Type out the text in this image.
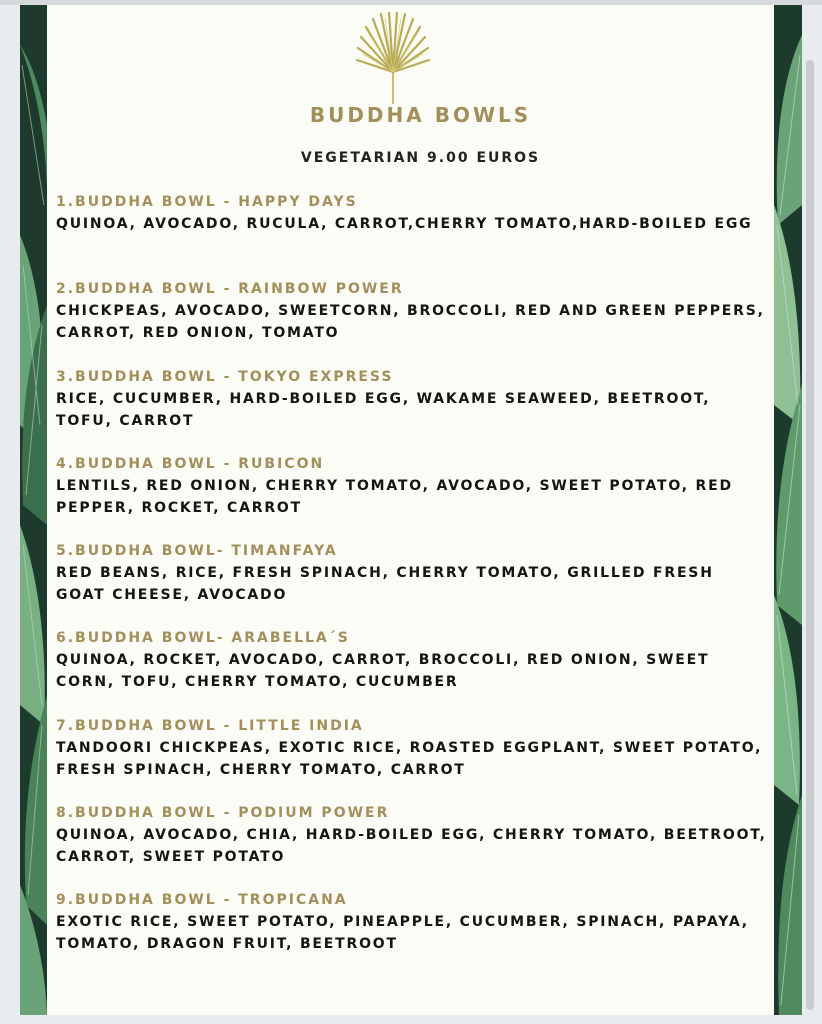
BUDDHA BOWLS
VEGETARIAN 9.00 EUROS
1.BUDDHA BOWL - HAPPY DAYS
QUINOA, AVOCADO, RUCULA, CARROT,CHERRY TOMATO,HARD-BOILED EGG
2.BUDDHA BOWL - RAINBOW POWER
CHICKPEAS, AVOCADO, SWEETCORN, BROCCOLI, RED AND GREEN PEPPERS, CARROT, RED ONION, TOMATO
3.BUDDHA BOWL - TOKYO EXPRESS
RICE, CUCUMBER, HARD-BOILED EGG, WAKAME SEAWEED, BEETROOT, TOFU, CARROT
4.BUDDHA BOWL - RUBICON
LENTILS, RED ONION, CHERRY TOMATO, AVOCADO, SWEET POTATO, RED PEPPER, ROCKET, CARROT
5.BUDDHA BOWL- TIMANFAYA
RED BEANS, RICE, FRESH SPINACH, CHERRY TOMATO, GRILLED FRESH GOAT CHEESE, AVOCADO
6.BUDDHA BOWL- ARABELLA´S
QUINOA, ROCKET, AVOCADO, CARROT, BROCCOLI, RED ONION, SWEET CORN, TOFU, CHERRY TOMATO, CUCUMBER
7.BUDDHA BOWL - LITTLE INDIA
TANDOORI CHICKPEAS, EXOTIC RICE, ROASTED EGGPLANT, SWEET POTATO, FRESH SPINACH, CHERRY TOMATO, CARROT
8.BUDDHA BOWL - PODIUM POWER
QUINOA, AVOCADO, CHIA, HARD-BOILED EGG, CHERRY TOMATO, BEETROOT, CARROT, SWEET POTATO
9.BUDDHA BOWL - TROPICANA
EXOTIC RICE, SWEET POTATO, PINEAPPLE, CUCUMBER, SPINACH, PAPAYA, TOMATO, DRAGON FRUIT, BEETROOT
